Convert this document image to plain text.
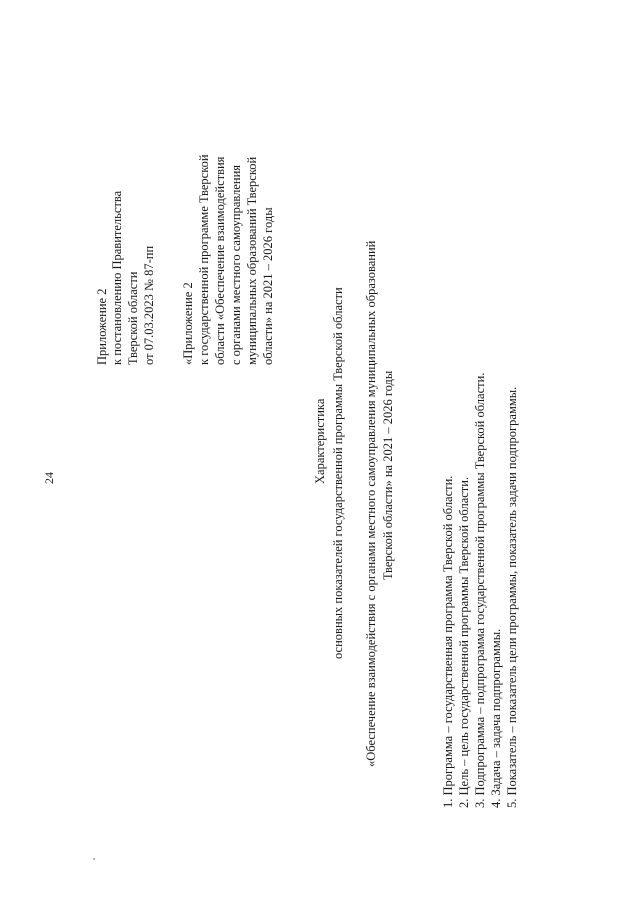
24
Приложение 2 к постановлению Правительства Тверской области от 07.03.2023 № 87-пп «Приложение 2 к государственной программе Тверской области «Обеспечение взаимодействия с органами местного самоуправления муниципальных образований Тверской области» на 2021 – 2026 годы
Характеристика основных показателей государственной программы Тверской области «Обеспечение взаимодействия с органами местного самоуправления муниципальных образований Тверской области» на 2021 – 2026 годы
1. Программа – государственная программа Тверской области. 2. Цель – цель государственной программы Тверской области. 3. Подпрограмма – подпрограмма государственной программы Тверской области. 4. Задача – задача подпрограммы. 5. Показатель – показатель цели программы, показатель задачи подпрограммы.
